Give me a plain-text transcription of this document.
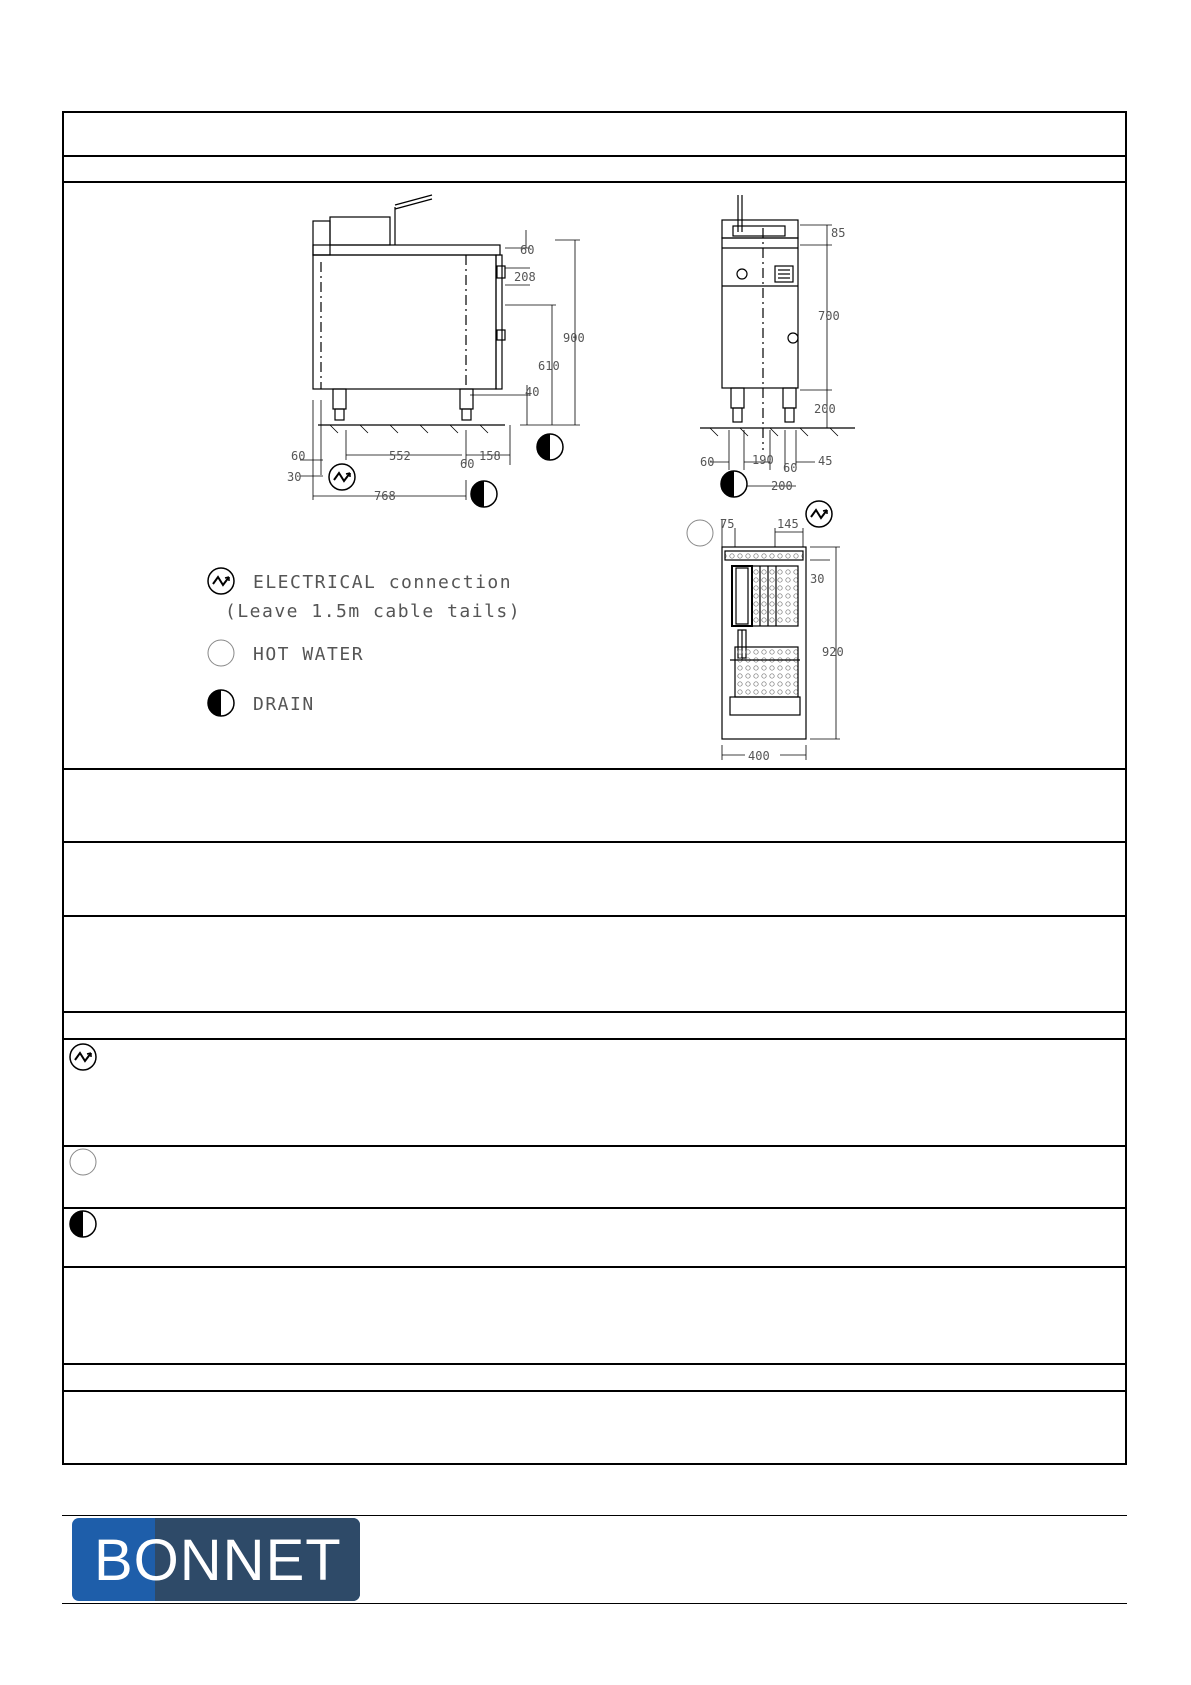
60
208
900
610
40
60
30
552
60
158
768
85
700
200
60	190
60 45
200
75	145
30
920
400
ELECTRICAL connection
(Leave 1.5m cable tails)
HOT WATER
DRAIN
BONNET
